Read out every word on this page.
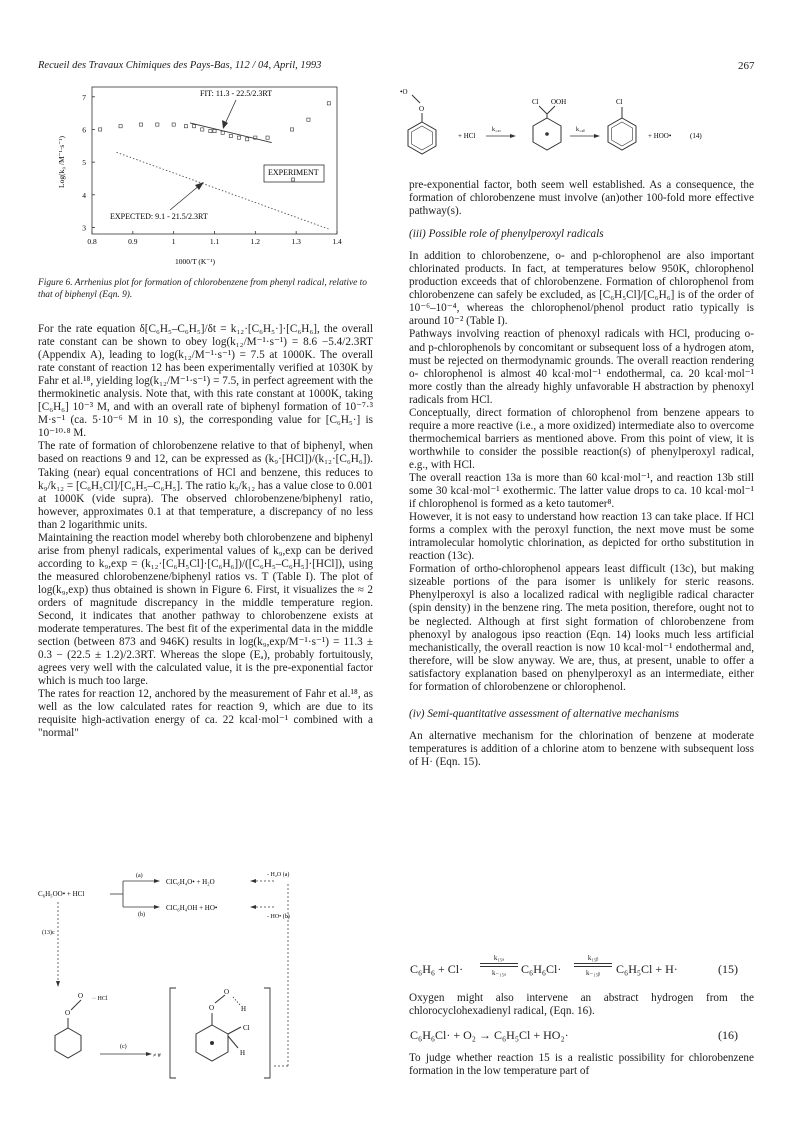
Recueil des Travaux Chimiques des Pays-Bas, 112 / 04, April, 1993	267
0.8	0.9	1	1.1	1.2	1.3	1.4
3
4
5
6
7	FIT: 11.3 - 22.5/2.3RT
EXPERIMENT
EXPECTED: 9.1 - 21.5/2.3RT
1000/T (K⁻¹)
Log(k₉ /M⁻¹·s⁻¹)
Figure 6. Arrhenius plot for formation of chlorobenzene from phenyl radical, relative to that of biphenyl (Eqn. 9).

For the rate equation δ[C₆H₅–C₆H₅]/δt = k₁₂·[C₆H₅·]·[C₆H₆], the overall rate constant can be shown to obey log(k₁₂/M⁻¹·s⁻¹) = 8.6 −5.4/2.3RT (Appendix A), leading to log(k₁₂/M⁻¹·s⁻¹) = 7.5 at 1000K. The overall rate constant of reaction 12 has been experimentally verified at 1030K by Fahr et al.¹⁸, yielding log(k₁₂/M⁻¹·s⁻¹) = 7.5, in perfect agreement with the thermokinetic analysis. Note that, with this rate constant at 1000K, taking [C₆H₆] 10⁻³ M, and with an overall rate of biphenyl formation of 10⁻⁷·³ M·s⁻¹ (ca. 5·10⁻⁶ M in 10 s), the corresponding value for [C₆H₅·] is 10⁻¹⁰·⁸ M.

The rate of formation of chlorobenzene relative to that of biphenyl, when based on reactions 9 and 12, can be expressed as (k₉·[HCl])/(k₁₂·[C₆H₆]). Taking (near) equal concentrations of HCl and benzene, this reduces to k₉/k₁₂ = [C₆H₅Cl]/[C₆H₅–C₆H₅]. The ratio k₉/k₁₂ has a value close to 0.001 at 1000K (vide supra). The observed chlorobenzene/biphenyl ratio, however, approximates 0.1 at that temperature, a discrepancy of no less than 2 logarithmic units.

Maintaining the reaction model whereby both chlorobenzene and biphenyl arise from phenyl radicals, experimental values of k₉,exp can be derived according to k₉,exp = (k₁₂·[C₆H₅Cl]·[C₆H₆])/([C₆H₅–C₆H₅]·[HCl]), using the measured chlorobenzene/biphenyl ratios vs. T (Table I). The plot of log(k₉,exp) thus obtained is shown in Figure 6. First, it visualizes the ≈ 2 orders of magnitude discrepancy in the middle temperature region. Second, it indicates that another pathway to chlorobenzene exists at moderate temperatures. The best fit of the experimental data in the middle section (between 873 and 946K) results in log(k₉,exp/M⁻¹·s⁻¹) = 11.3 ± 0.3 − (22.5 ± 1.2)/2.3RT. Whereas the slope (Eₐ), probably fortuitously, agrees very well with the calculated value, it is the pre-exponential factor which is much too large.

The rates for reaction 12, anchored by the measurement of Fahr et al.¹⁸, as well as the low calculated rates for reaction 9, which are due to its requisite high-activation energy of ca. 22 kcal·mol⁻¹ combined with a "normal"

C₆H₅OO• + HCl
(a)
(b)
ClC₆H₄O• + H₂O
ClC₆H₄OH + HO•
- H₂O (a)
- HO• (b)
(13)c
O
O ·· HCl
(c)
≠ #
O
O
H
Cl
H
•O
O
+ HCl
k₁₄ₐ
Cl OOH
k₁₄ᵦ
Cl
+ HOO•	(14)

pre-exponential factor, both seem well established. As a consequence, the formation of chlorobenzene must involve (an)other 100-fold more effective pathway(s).

(iii) Possible role of phenylperoxyl radicals

In addition to chlorobenzene, o- and p-chlorophenol are also important chlorinated products. In fact, at temperatures below 950K, chlorophenol production exceeds that of chlorobenzene. Formation of chlorophenol from chlorobenzene can safely be excluded, as [C₆H₅Cl]/[C₆H₆] is of the order of 10⁻⁶–10⁻⁴, whereas the chlorophenol/phenol product ratio typically is around 10⁻² (Table I).

Pathways involving reaction of phenoxyl radicals with HCl, producing o- and p-chlorophenols by concomitant or subsequent loss of a hydrogen atom, must be rejected on thermodynamic grounds. The overall reaction rendering o- chlorophenol is almost 40 kcal·mol⁻¹ endothermal, ca. 20 kcal·mol⁻¹ more costly than the already highly unfavorable H abstraction by phenoxyl radicals from HCl.

Conceptually, direct formation of chlorophenol from benzene appears to require a more reactive (i.e., a more oxidized) intermediate also to overcome thermochemical barriers as mentioned above. From this point of view, it is worthwhile to consider the possible reaction(s) of phenylperoxyl radical, e.g., with HCl.

The overall reaction 13a is more than 60 kcal·mol⁻¹, and reaction 13b still some 30 kcal·mol⁻¹ exothermic. The latter value drops to ca. 10 kcal·mol⁻¹ if chlorophenol is formed as a keto tautomer⁸.

However, it is not easy to understand how reaction 13 can take place. If HCl forms a complex with the peroxyl function, the next move must be some intramolecular homolytic chlorination, as depicted for ortho substitution in reaction (13c).

Formation of ortho-chlorophenol appears least difficult (13c), but making sizeable portions of the para isomer is unlikely for steric reasons. Phenylperoxyl is also a localized radical with negligible radical character (spin density) in the benzene ring. The meta position, therefore, ought not to be neglected. Although at first sight formation of chlorobenzene from phenoxyl by analogous ipso reaction (Eqn. 14) looks much less artificial mechanistically, the overall reaction is now 10 kcal·mol⁻¹ endothermal and, therefore, will be slow anyway. We are, thus, at present, unable to offer a satisfactory explanation based on phenylperoxyl as an intermediate, either for formation of chlorobenzene or chlorophenol.

(iv) Semi-quantitative assessment of alternative mechanisms

An alternative mechanism for the chlorination of benzene at moderate temperatures is addition of a chlorine atom to benzene with subsequent loss of H· (Eqn. 15).

C₆H₆ + Cl·
k₁₅ₐ
k₋₁₅ₐ	C₆H₆Cl·
k₁₅ᵦ
k₋₁₅ᵦ	C₆H₅Cl + H·	(15)

Oxygen might also intervene an abstract hydrogen from the chlorocyclohexadienyl radical, (Eqn. 16).

C₆H₆Cl· + O₂ → C₆H₅Cl + HO₂·	(16)

To judge whether reaction 15 is a realistic possibility for chlorobenzene formation in the low temperature part of
